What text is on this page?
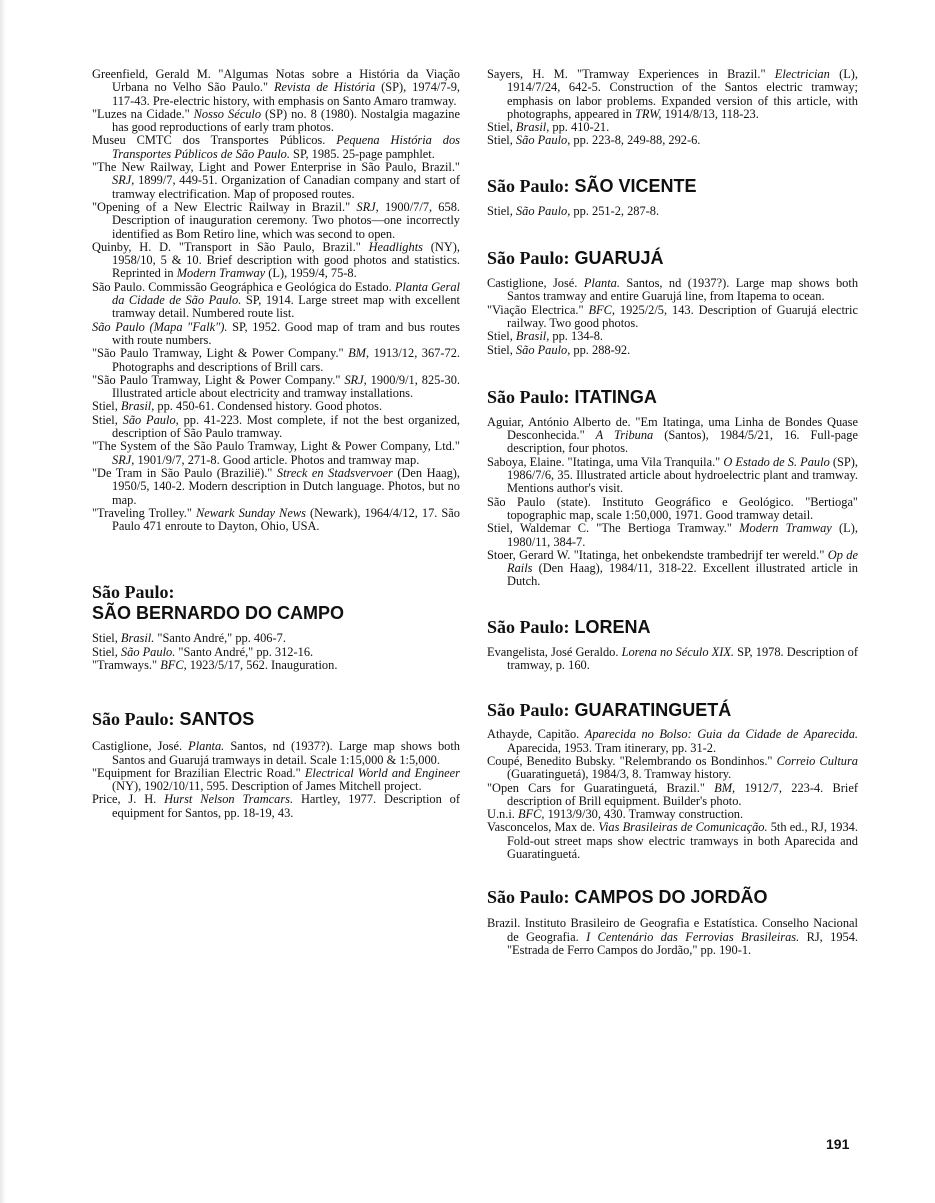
Greenfield, Gerald M. "Algumas Notas sobre a História da Viação Urbana no Velho São Paulo." Revista de História (SP), 1974/7-9, 117-43. Pre-electric history, with emphasis on Santo Amaro tramway.

"Luzes na Cidade." Nosso Século (SP) no. 8 (1980). Nostalgia magazine has good reproductions of early tram photos.

Museu CMTC dos Transportes Públicos. Pequena História dos Transportes Públicos de São Paulo. SP, 1985. 25-page pamphlet.

"The New Railway, Light and Power Enterprise in São Paulo, Brazil." SRJ, 1899/7, 449-51. Organization of Canadian company and start of tramway electrification. Map of proposed routes.

"Opening of a New Electric Railway in Brazil." SRJ, 1900/7/7, 658. Description of inauguration ceremony. Two photos—one incorrectly identified as Bom Retiro line, which was second to open.

Quinby, H. D. "Transport in São Paulo, Brazil." Headlights (NY), 1958/10, 5 & 10. Brief description with good photos and statistics. Reprinted in Modern Tramway (L), 1959/4, 75-8.

São Paulo. Commissão Geográphica e Geológica do Estado. Planta Geral da Cidade de São Paulo. SP, 1914. Large street map with excellent tramway detail. Numbered route list.

São Paulo (Mapa "Falk"). SP, 1952. Good map of tram and bus routes with route numbers.

"São Paulo Tramway, Light & Power Company." BM, 1913/12, 367-72. Photographs and descriptions of Brill cars.

"São Paulo Tramway, Light & Power Company." SRJ, 1900/9/1, 825-30. Illustrated article about electricity and tramway installations.

Stiel, Brasil, pp. 450-61. Condensed history. Good photos.

Stiel, São Paulo, pp. 41-223. Most complete, if not the best organized, description of São Paulo tramway.

"The System of the São Paulo Tramway, Light & Power Company, Ltd." SRJ, 1901/9/7, 271-8. Good article. Photos and tramway map.

"De Tram in São Paulo (Braziliё)." Streck en Stadsvervoer (Den Haag), 1950/5, 140-2. Modern description in Dutch language. Photos, but no map.

"Traveling Trolley." Newark Sunday News (Newark), 1964/4/12, 17. São Paulo 471 enroute to Dayton, Ohio, USA.

São Paulo:
SÃO BERNARDO DO CAMPO

Stiel, Brasil. "Santo André," pp. 406-7.

Stiel, São Paulo. "Santo André," pp. 312-16.

"Tramways." BFC, 1923/5/17, 562. Inauguration.

São Paulo: SANTOS

Castiglione, José. Planta. Santos, nd (1937?). Large map shows both Santos and Guarujá tramways in detail. Scale 1:15,000 & 1:5,000.

"Equipment for Brazilian Electric Road." Electrical World and Engineer (NY), 1902/10/11, 595. Description of James Mitchell project.

Price, J. H. Hurst Nelson Tramcars. Hartley, 1977. Description of equipment for Santos, pp. 18-19, 43.

Sayers, H. M. "Tramway Experiences in Brazil." Electrician (L), 1914/7/24, 642-5. Construction of the Santos electric tramway; emphasis on labor problems. Expanded version of this article, with photographs, appeared in TRW, 1914/8/13, 118-23.

Stiel, Brasil, pp. 410-21.

Stiel, São Paulo, pp. 223-8, 249-88, 292-6.

São Paulo: SÃO VICENTE

Stiel, São Paulo, pp. 251-2, 287-8.

São Paulo: GUARUJÁ

Castiglione, José. Planta. Santos, nd (1937?). Large map shows both Santos tramway and entire Guarujá line, from Itapema to ocean.

"Viação Electrica." BFC, 1925/2/5, 143. Description of Guarujá electric railway. Two good photos.

Stiel, Brasil, pp. 134-8.

Stiel, São Paulo, pp. 288-92.

São Paulo: ITATINGA

Aguiar, António Alberto de. "Em Itatinga, uma Linha de Bondes Quase Desconhecida." A Tribuna (Santos), 1984/5/21, 16. Full-page description, four photos.

Saboya, Elaine. "Itatinga, uma Vila Tranquila." O Estado de S. Paulo (SP), 1986/7/6, 35. Illustrated article about hydroelectric plant and tramway. Mentions author's visit.

São Paulo (state). Instituto Geográfico e Geológico. "Bertioga" topographic map, scale 1:50,000, 1971. Good tramway detail.

Stiel, Waldemar C. "The Bertioga Tramway." Modern Tramway (L), 1980/11, 384-7.

Stoer, Gerard W. "Itatinga, het onbekendste trambedrijf ter wereld." Op de Rails (Den Haag), 1984/11, 318-22. Excellent illustrated article in Dutch.

São Paulo: LORENA

Evangelista, José Geraldo. Lorena no Século XIX. SP, 1978. Description of tramway, p. 160.

São Paulo: GUARATINGUETÁ

Athayde, Capitão. Aparecida no Bolso: Guia da Cidade de Aparecida. Aparecida, 1953. Tram itinerary, pp. 31-2.

Coupé, Benedito Bubsky. "Relembrando os Bondinhos." Correio Cultura (Guaratinguetá), 1984/3, 8. Tramway history.

"Open Cars for Guaratinguetá, Brazil." BM, 1912/7, 223-4. Brief description of Brill equipment. Builder's photo.

U.n.i. BFC, 1913/9/30, 430. Tramway construction.

Vasconcelos, Max de. Vias Brasileiras de Comunicação. 5th ed., RJ, 1934. Fold-out street maps show electric tramways in both Aparecida and Guaratinguetá.

São Paulo: CAMPOS DO JORDÃO

Brazil. Instituto Brasileiro de Geografia e Estatística. Conselho Nacional de Geografia. I Centenário das Ferrovias Brasileiras. RJ, 1954. "Estrada de Ferro Campos do Jordão," pp. 190-1.

191
